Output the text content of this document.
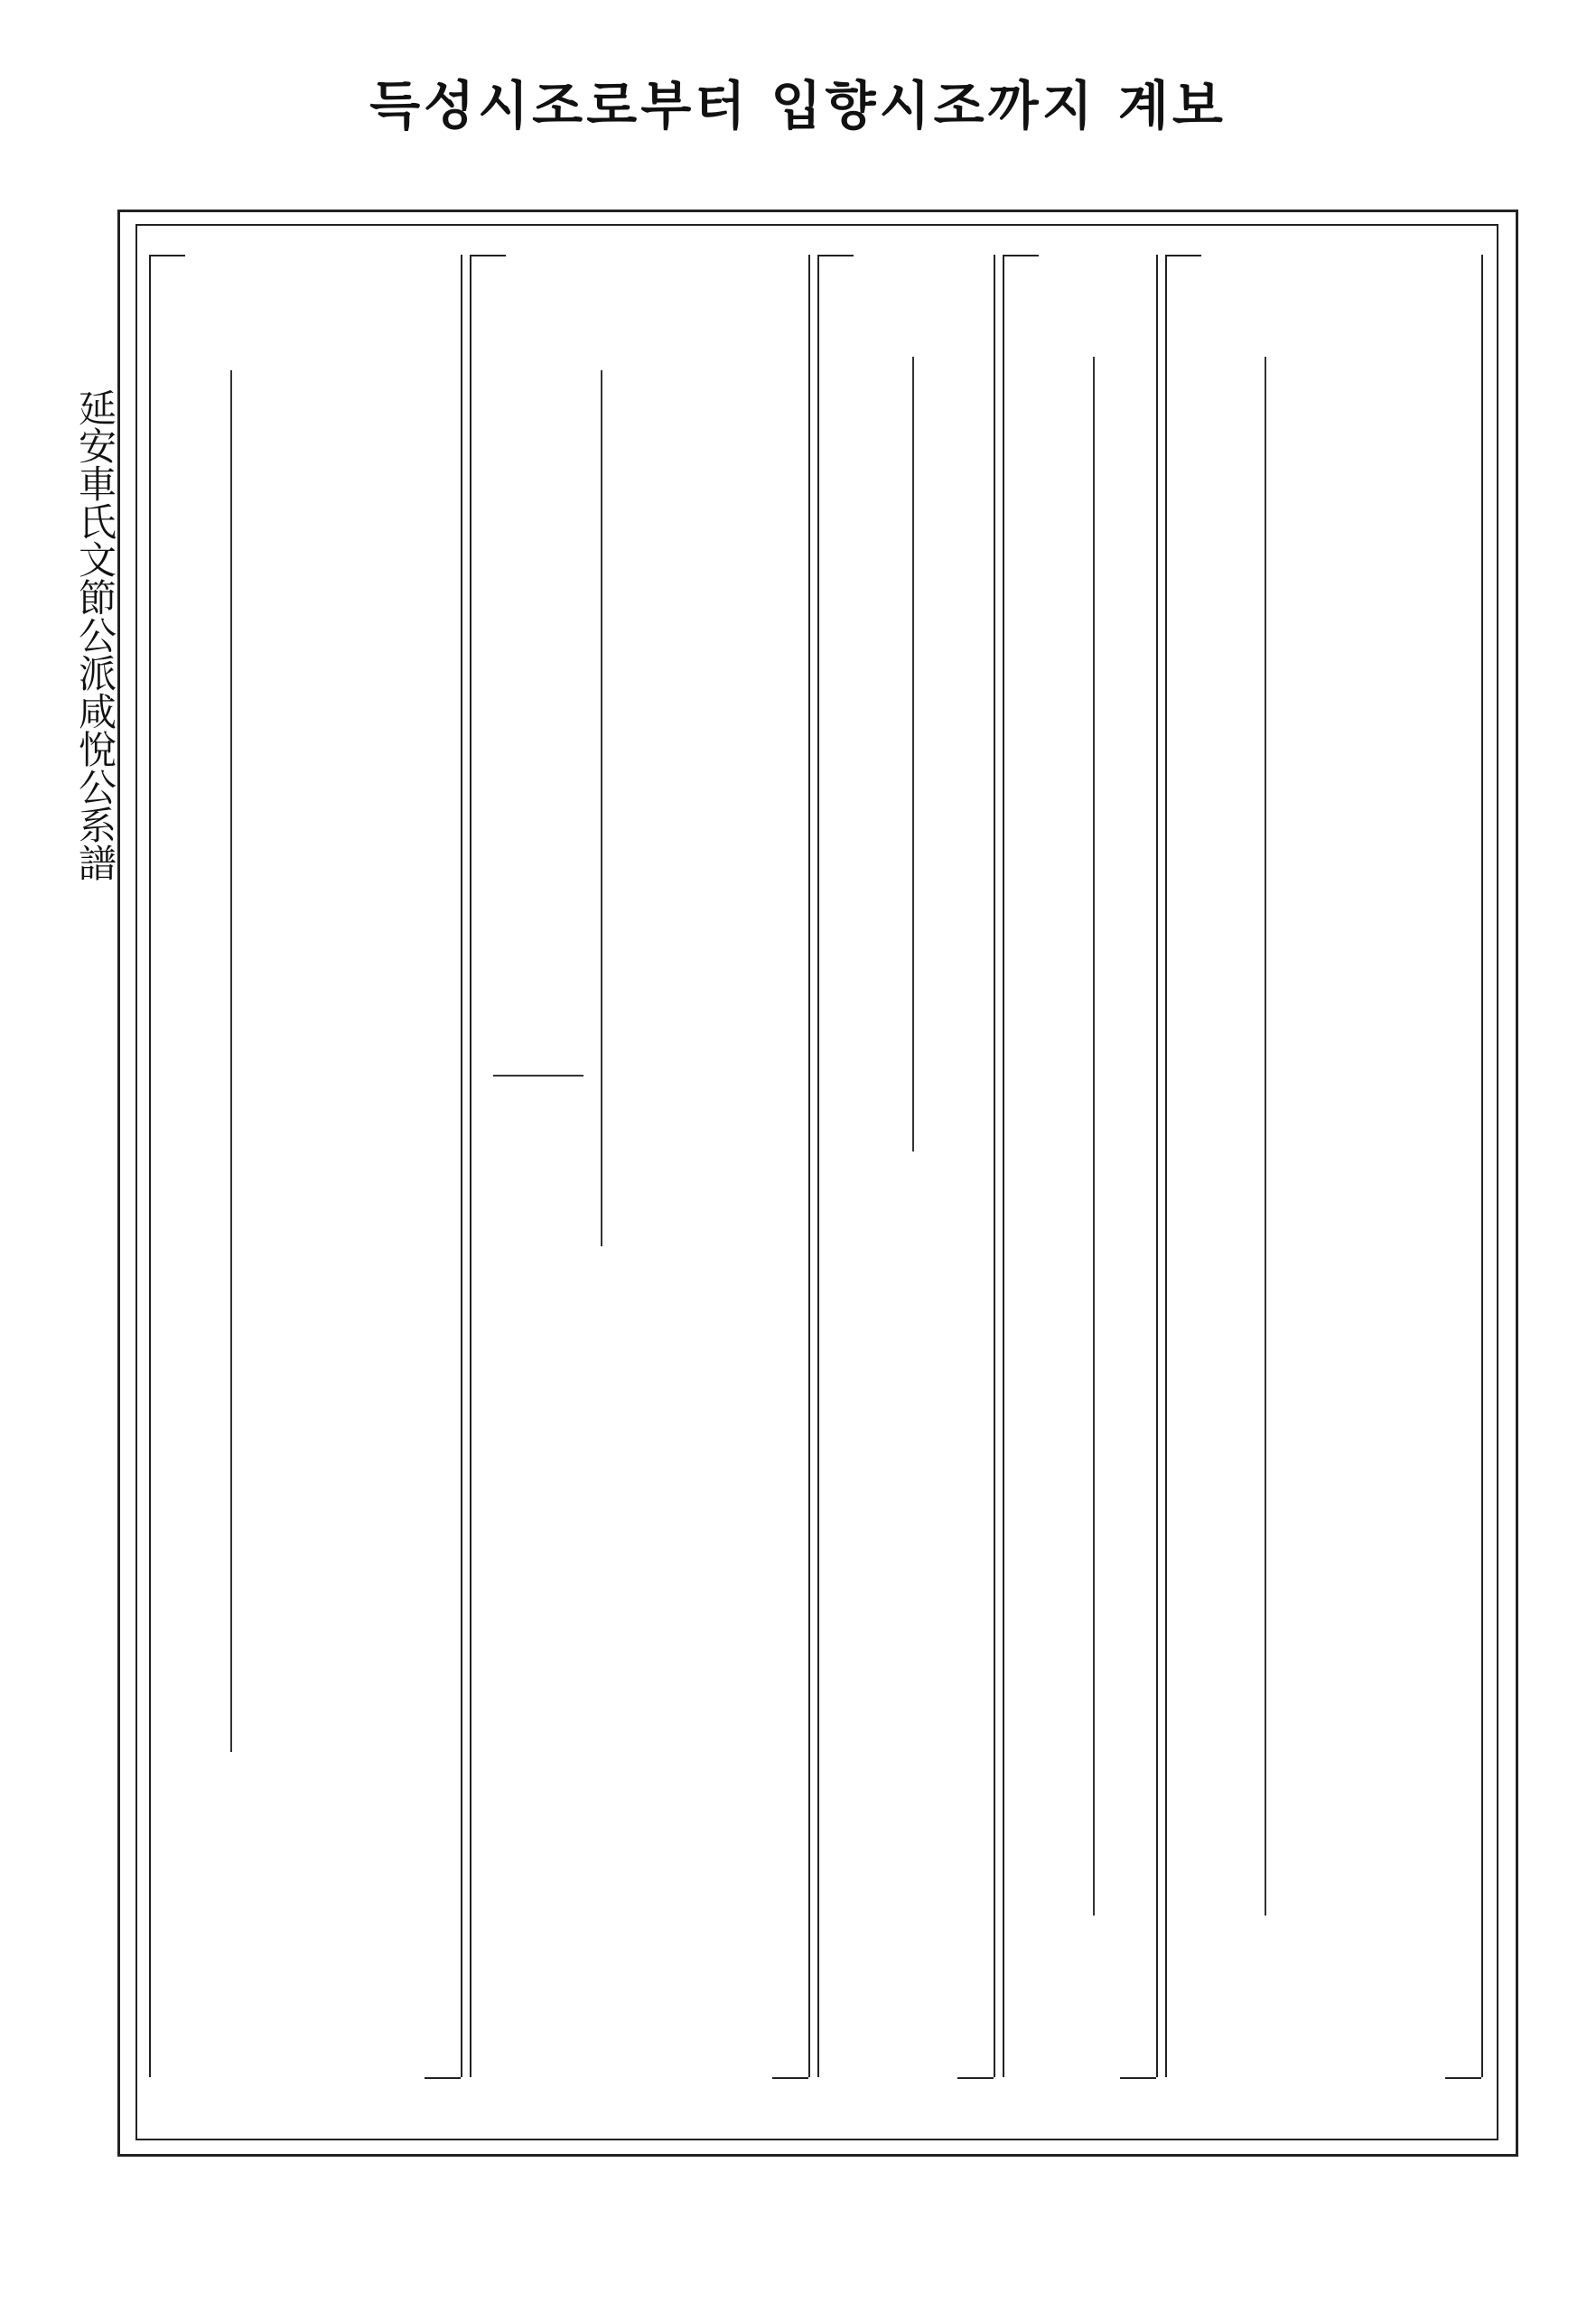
득성시조로부터 입향시조까지 계보
延安車氏文節公派咸悅公系譜
